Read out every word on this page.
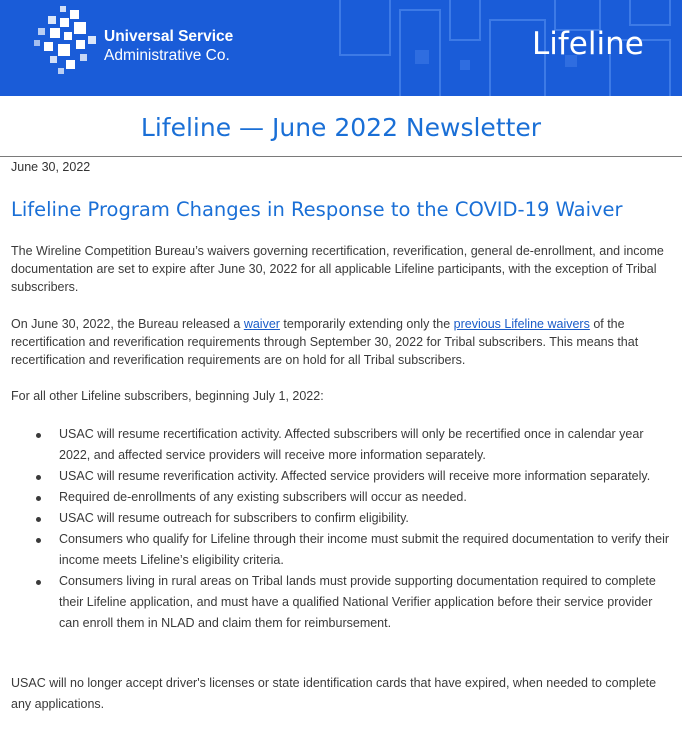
Universal Service
Administrative Co.	Lifeline
Lifeline — June 2022 Newsletter
June 30, 2022
Lifeline Program Changes in Response to the COVID-19 Waiver
The Wireline Competition Bureau’s waivers governing recertification, reverification, general de-enrollment, and income documentation are set to expire after June 30, 2022 for all applicable Lifeline participants, with the exception of Tribal subscribers.
On June 30, 2022, the Bureau released a waiver temporarily extending only the previous Lifeline waivers of the recertification and reverification requirements through September 30, 2022 for Tribal subscribers. This means that recertification and reverification requirements are on hold for all Tribal subscribers.
For all other Lifeline subscribers, beginning July 1, 2022:
USAC will resume recertification activity. Affected subscribers will only be recertified once in calendar year 2022, and affected service providers will receive more information separately.
USAC will resume reverification activity. Affected service providers will receive more information separately.
Required de-enrollments of any existing subscribers will occur as needed.
USAC will resume outreach for subscribers to confirm eligibility.
Consumers who qualify for Lifeline through their income must submit the required documentation to verify their income meets Lifeline’s eligibility criteria.
Consumers living in rural areas on Tribal lands must provide supporting documentation required to complete their Lifeline application, and must have a qualified National Verifier application before their service provider can enroll them in NLAD and claim them for reimbursement.
USAC will no longer accept driver's licenses or state identification cards that have expired, when needed to complete any applications.
